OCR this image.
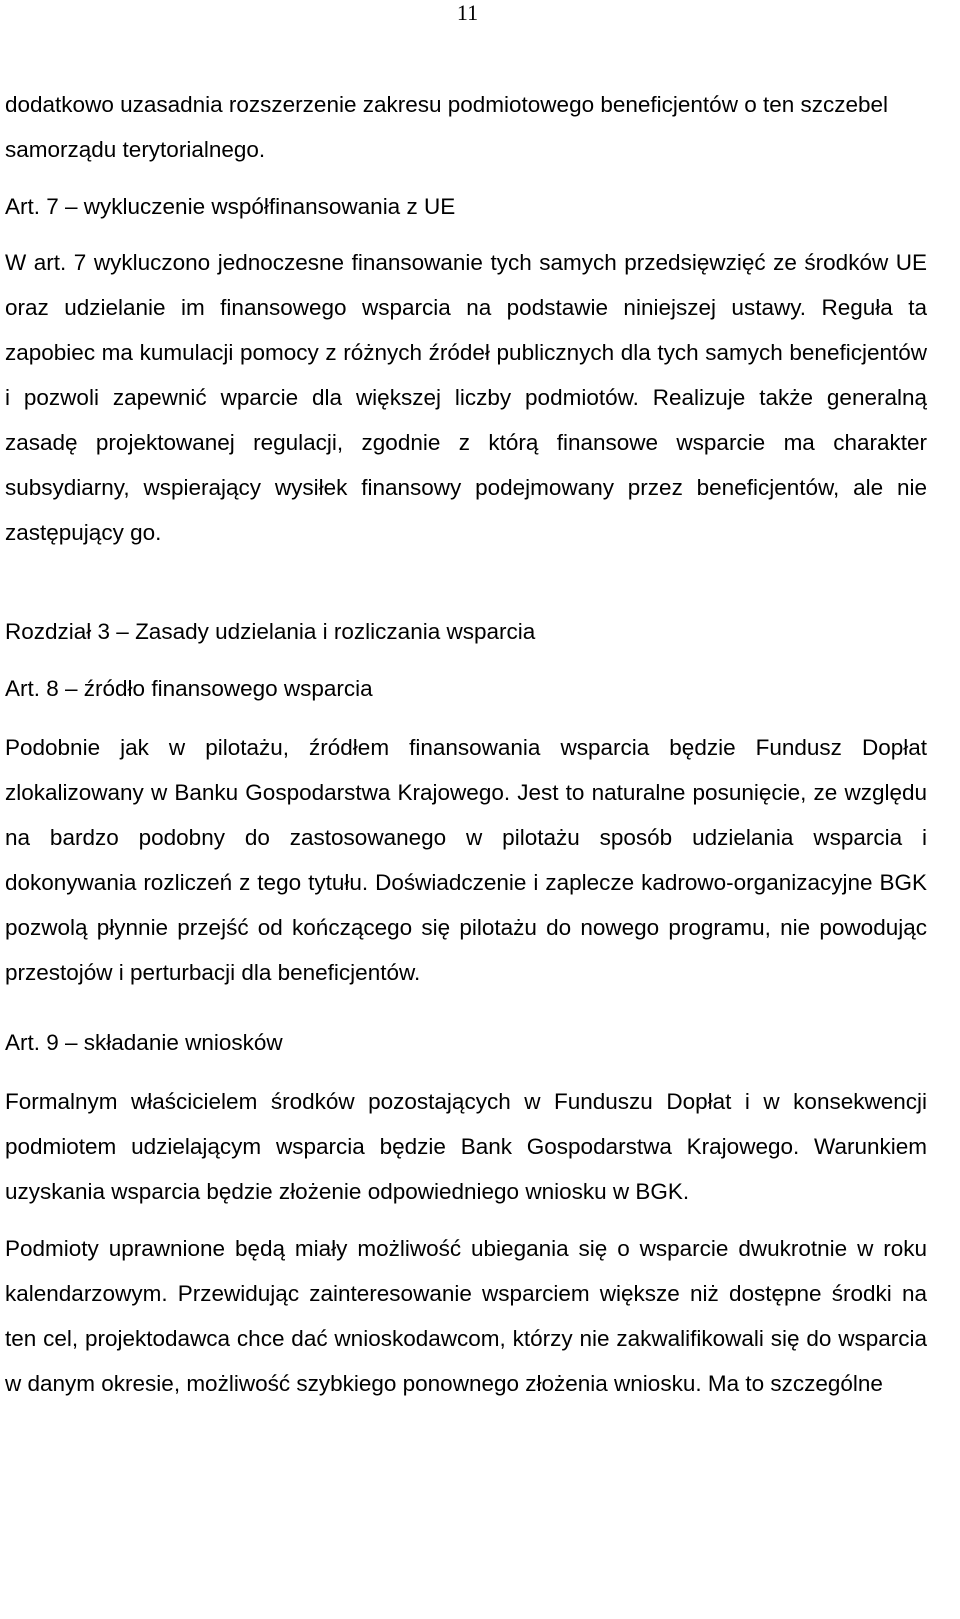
11

dodatkowo uzasadnia rozszerzenie zakresu podmiotowego beneficjentów o ten szczebel samorządu terytorialnego.

Art. 7 – wykluczenie współfinansowania z UE

W art. 7 wykluczono jednoczesne finansowanie tych samych przedsięwzięć ze środków UE oraz udzielanie im finansowego wsparcia na podstawie niniejszej ustawy. Reguła ta zapobiec ma kumulacji pomocy z różnych źródeł publicznych dla tych samych beneficjentów i pozwoli zapewnić wparcie dla większej liczby podmiotów. Realizuje także generalną zasadę projektowanej regulacji, zgodnie z którą finansowe wsparcie ma charakter subsydiarny, wspierający wysiłek finansowy podejmowany przez beneficjentów, ale nie zastępujący go.

Rozdział 3 – Zasady udzielania i rozliczania wsparcia

Art. 8 – źródło finansowego wsparcia

Podobnie jak w pilotażu, źródłem finansowania wsparcia będzie Fundusz Dopłat zlokalizowany w Banku Gospodarstwa Krajowego. Jest to naturalne posunięcie, ze względu na bardzo podobny do zastosowanego w pilotażu sposób udzielania wsparcia i dokonywania rozliczeń z tego tytułu. Doświadczenie i zaplecze kadrowo-organizacyjne BGK pozwolą płynnie przejść od kończącego się pilotażu do nowego programu, nie powodując przestojów i perturbacji dla beneficjentów.

Art. 9 – składanie wniosków

Formalnym właścicielem środków pozostających w Funduszu Dopłat i w konsekwencji podmiotem udzielającym wsparcia będzie Bank Gospodarstwa Krajowego. Warunkiem uzyskania wsparcia będzie złożenie odpowiedniego wniosku w BGK.

Podmioty uprawnione będą miały możliwość ubiegania się o wsparcie dwukrotnie w roku kalendarzowym. Przewidując zainteresowanie wsparciem większe niż dostępne środki na ten cel, projektodawca chce dać wnioskodawcom, którzy nie zakwalifikowali się do wsparcia w danym okresie, możliwość szybkiego ponownego złożenia wniosku. Ma to szczególne
